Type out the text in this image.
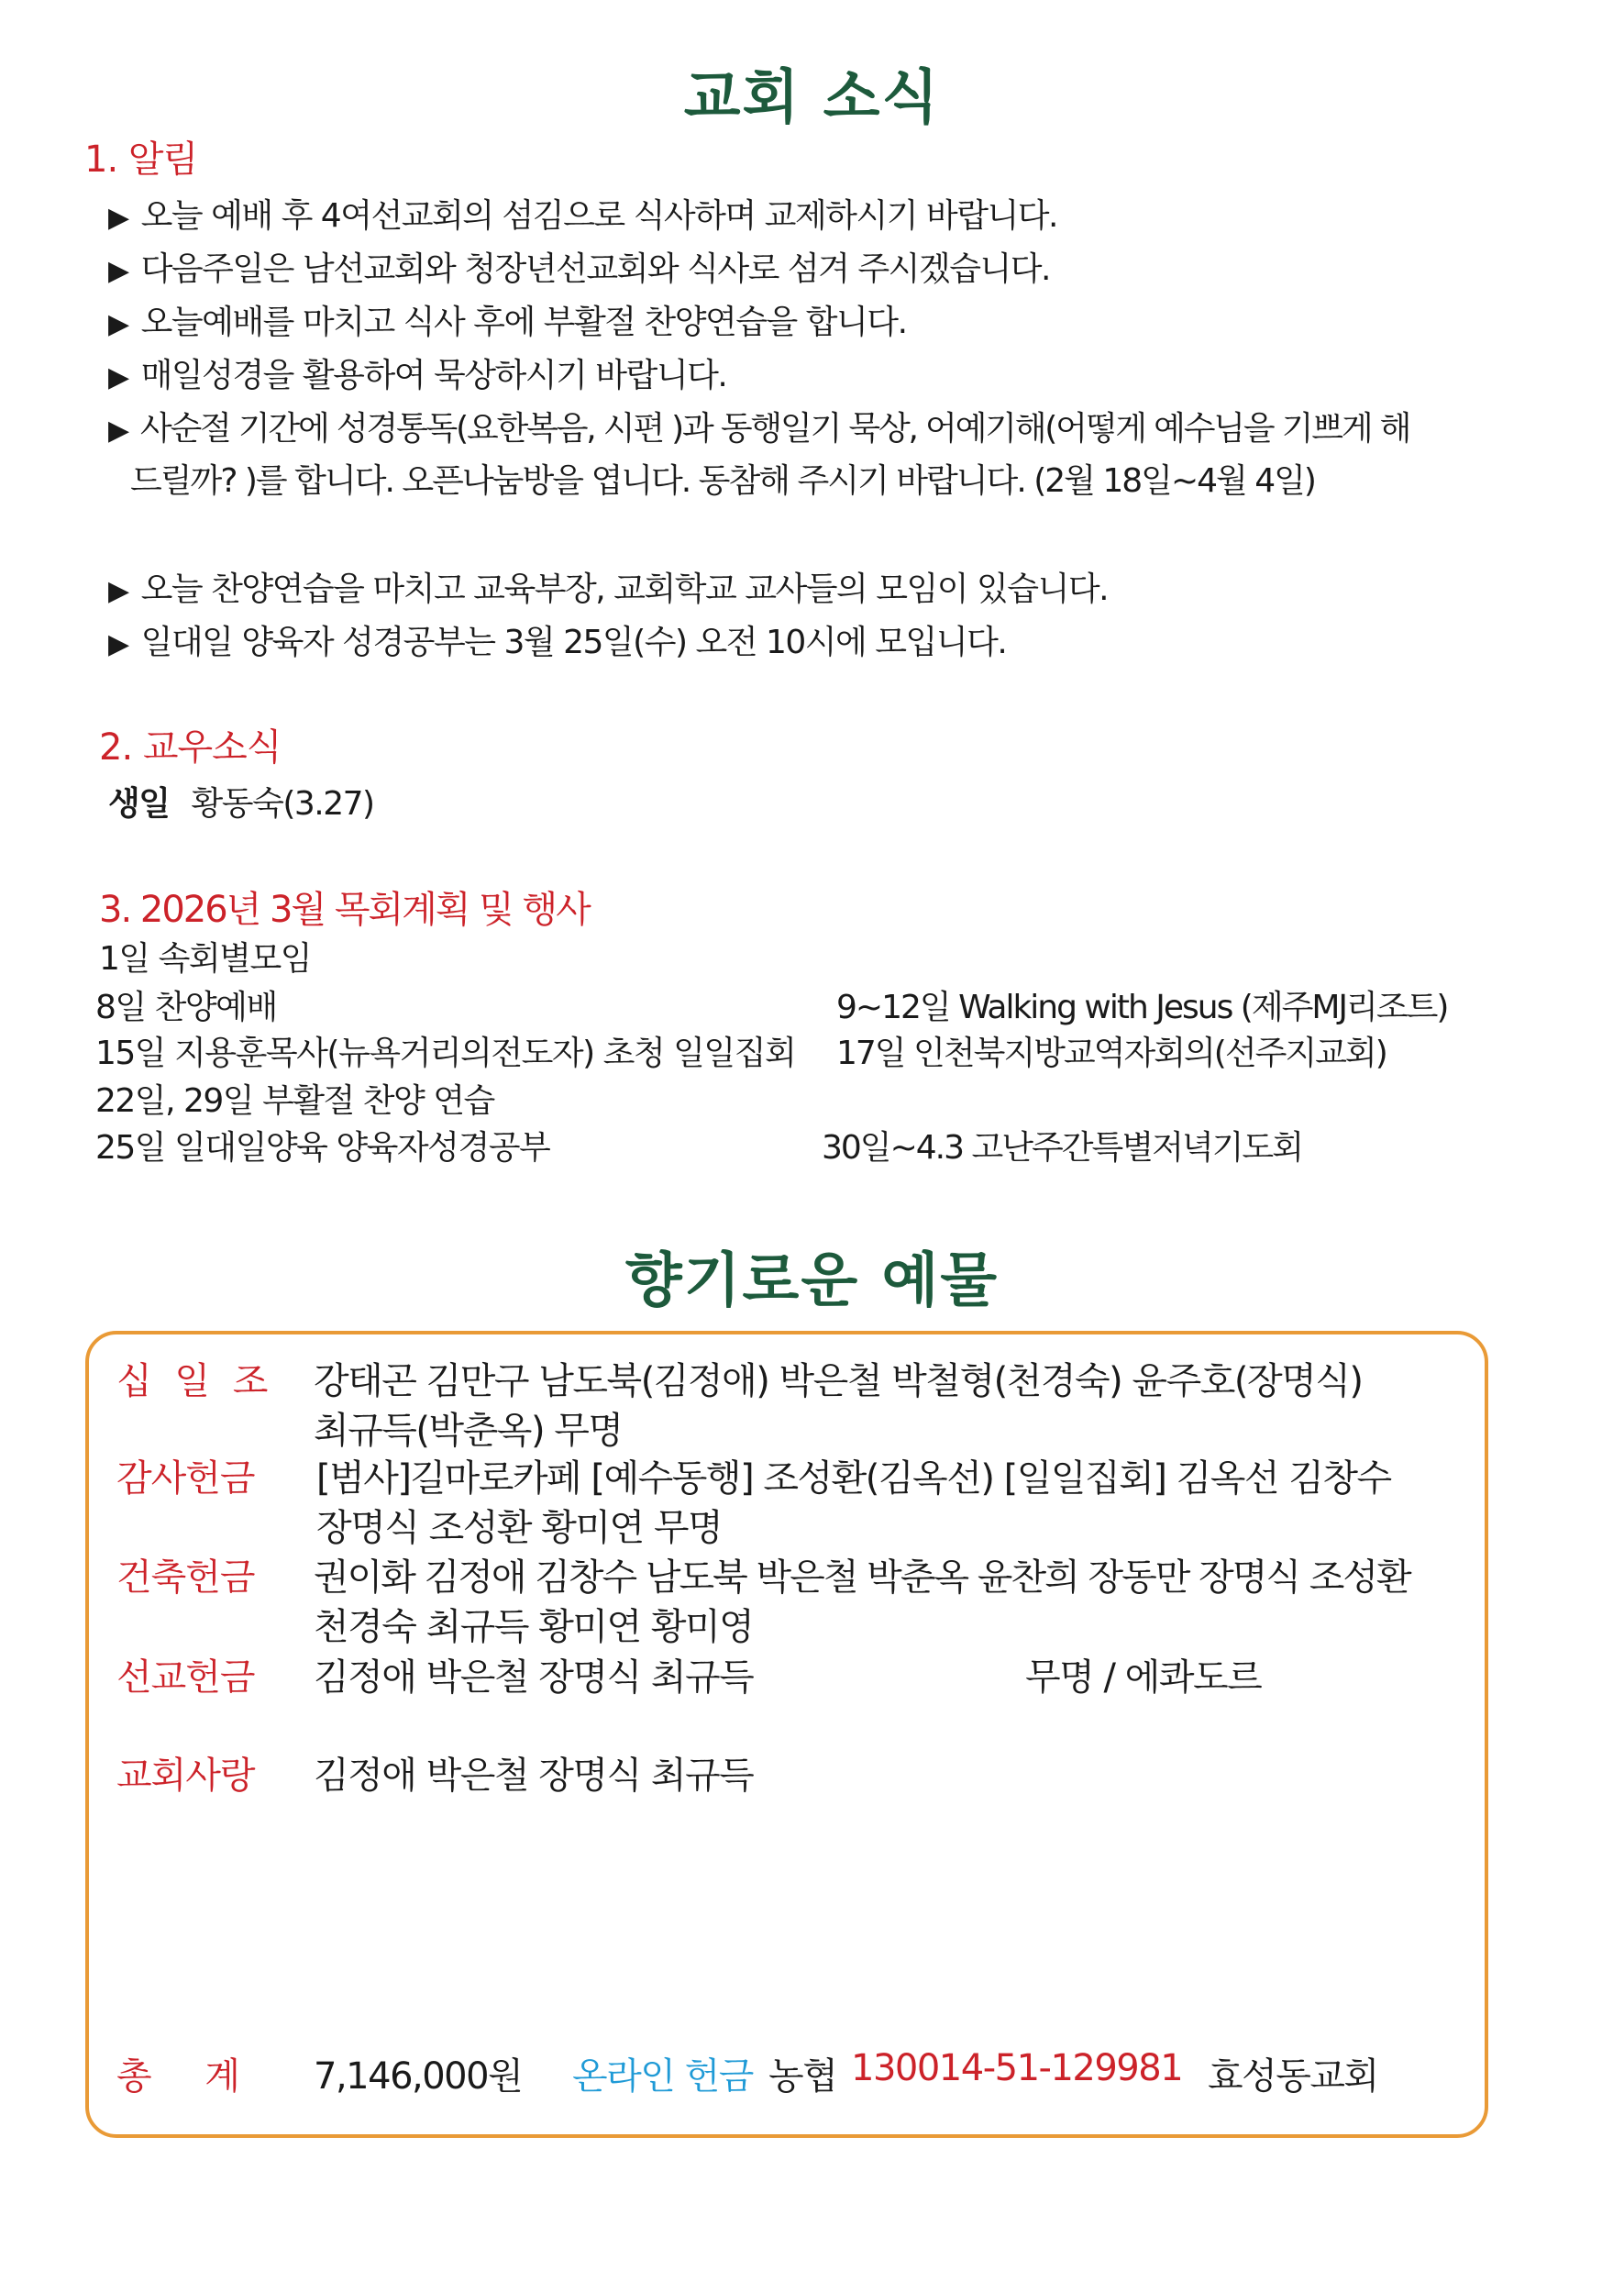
교회 소식
1. 알림
▶ 오늘 예배 후 4여선교회의 섬김으로 식사하며 교제하시기 바랍니다.
▶ 다음주일은 남선교회와 청장년선교회와 식사로 섬겨 주시겠습니다.
▶ 오늘예배를 마치고 식사 후에 부활절 찬양연습을 합니다.
▶ 매일성경을 활용하여 묵상하시기 바랍니다.
▶ 사순절 기간에 성경통독(요한복음, 시편 )과 동행일기 묵상, 어예기해(어떻게 예수님을 기쁘게 해
드릴까? )를 합니다. 오픈나눔방을 엽니다. 동참해 주시기 바랍니다. (2월 18일~4월 4일)
▶ 오늘 찬양연습을 마치고 교육부장, 교회학교 교사들의 모임이 있습니다.
▶ 일대일 양육자 성경공부는 3월 25일(수) 오전 10시에 모입니다.
2. 교우소식
생일 황동숙(3.27)
3. 2026년 3월 목회계획 및 행사
1일 속회별모임
8일 찬양예배
15일 지용훈목사(뉴욕거리의전도자) 초청 일일집회
22일, 29일 부활절 찬양 연습
25일 일대일양육 양육자성경공부
9~12일 Walking with Jesus (제주MJ리조트)
17일 인천북지방교역자회의(선주지교회)
30일~4.3 고난주간특별저녁기도회
향기로운 예물
십 일 조 강태곤 김만구 남도북(김정애) 박은철 박철형(천경숙) 윤주호(장명식)
최규득(박춘옥) 무명
감사헌금 [범사]길마로카페 [예수동행] 조성환(김옥선) [일일집회] 김옥선 김창수
장명식 조성환 황미연 무명
건축헌금 권이화 김정애 김창수 남도북 박은철 박춘옥 윤찬희 장동만 장명식 조성환
천경숙 최규득 황미연 황미영
선교헌금 김정애 박은철 장명식 최규득	무명 / 에콰도르
교회사랑 김정애 박은철 장명식 최규득
총     계 7,146,000원 온라인 헌금 농협 130014-51-129981 효성동교회
